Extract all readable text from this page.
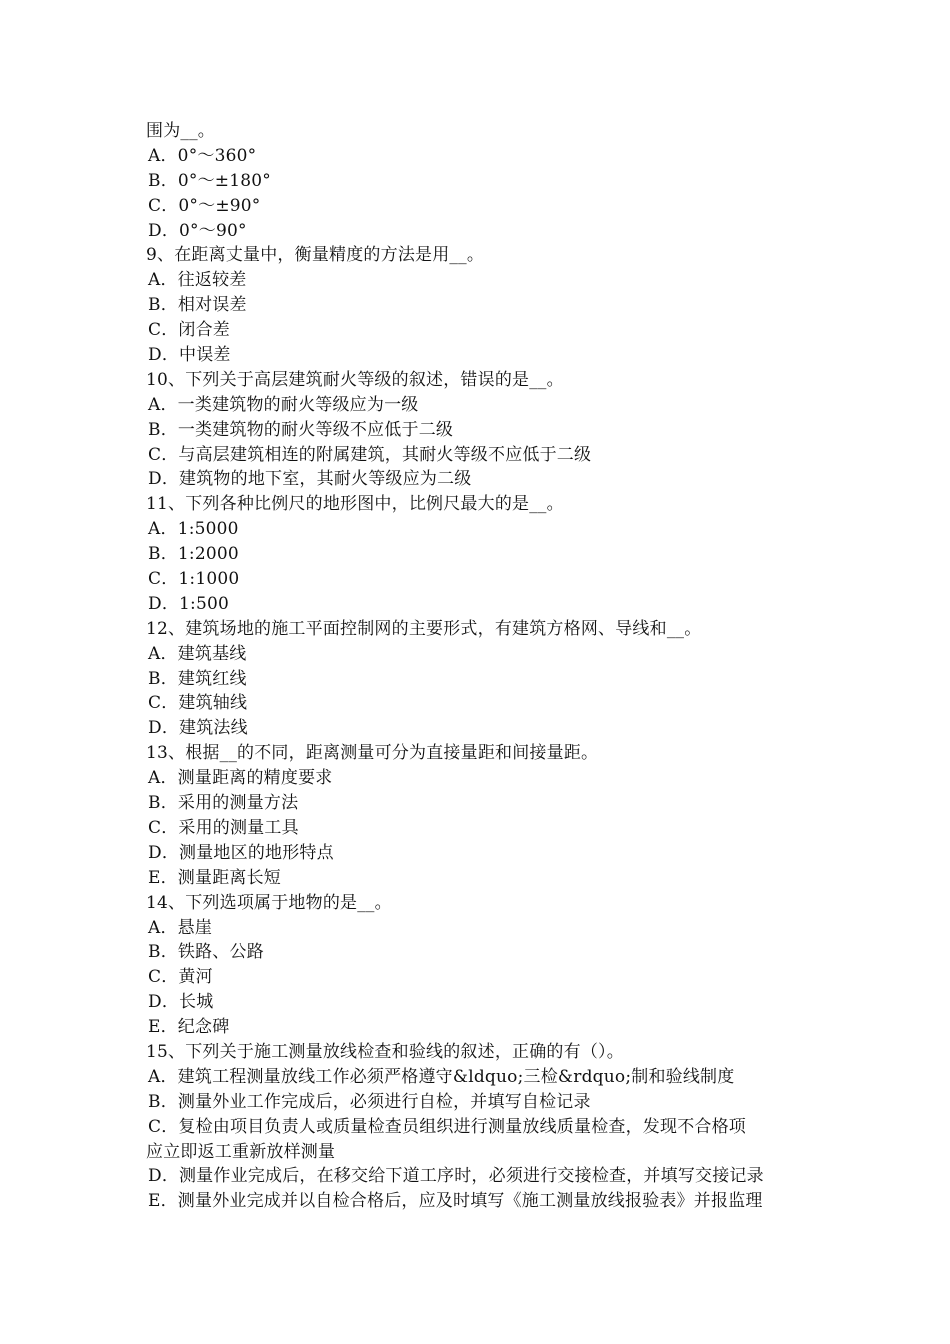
围为__。
A．0°～360°
B．0°～±180°
C．0°～±90°
D．0°～90°
9、在距离丈量中，衡量精度的方法是用__。
A．往返较差
B．相对误差
C．闭合差
D．中误差
10、下列关于高层建筑耐火等级的叙述，错误的是__。
A．一类建筑物的耐火等级应为一级
B．一类建筑物的耐火等级不应低于二级
C．与高层建筑相连的附属建筑，其耐火等级不应低于二级
D．建筑物的地下室，其耐火等级应为二级
11、下列各种比例尺的地形图中，比例尺最大的是__。
A．1:5000
B．1:2000
C．1:1000
D．1:500
12、建筑场地的施工平面控制网的主要形式，有建筑方格网、导线和__。
A．建筑基线
B．建筑红线
C．建筑轴线
D．建筑法线
13、根据__的不同，距离测量可分为直接量距和间接量距。
A．测量距离的精度要求
B．采用的测量方法
C．采用的测量工具
D．测量地区的地形特点
E．测量距离长短
14、下列选项属于地物的是__。
A．悬崖
B．铁路、公路
C．黄河
D．长城
E．纪念碑
15、下列关于施工测量放线检查和验线的叙述，正确的有（）。
A．建筑工程测量放线工作必须严格遵守&ldquo;三检&rdquo;制和验线制度
B．测量外业工作完成后，必须进行自检，并填写自检记录
C．复检由项目负责人或质量检查员组织进行测量放线质量检查，发现不合格项
应立即返工重新放样测量
D．测量作业完成后，在移交给下道工序时，必须进行交接检查，并填写交接记录
E．测量外业完成并以自检合格后，应及时填写《施工测量放线报验表》并报监理
